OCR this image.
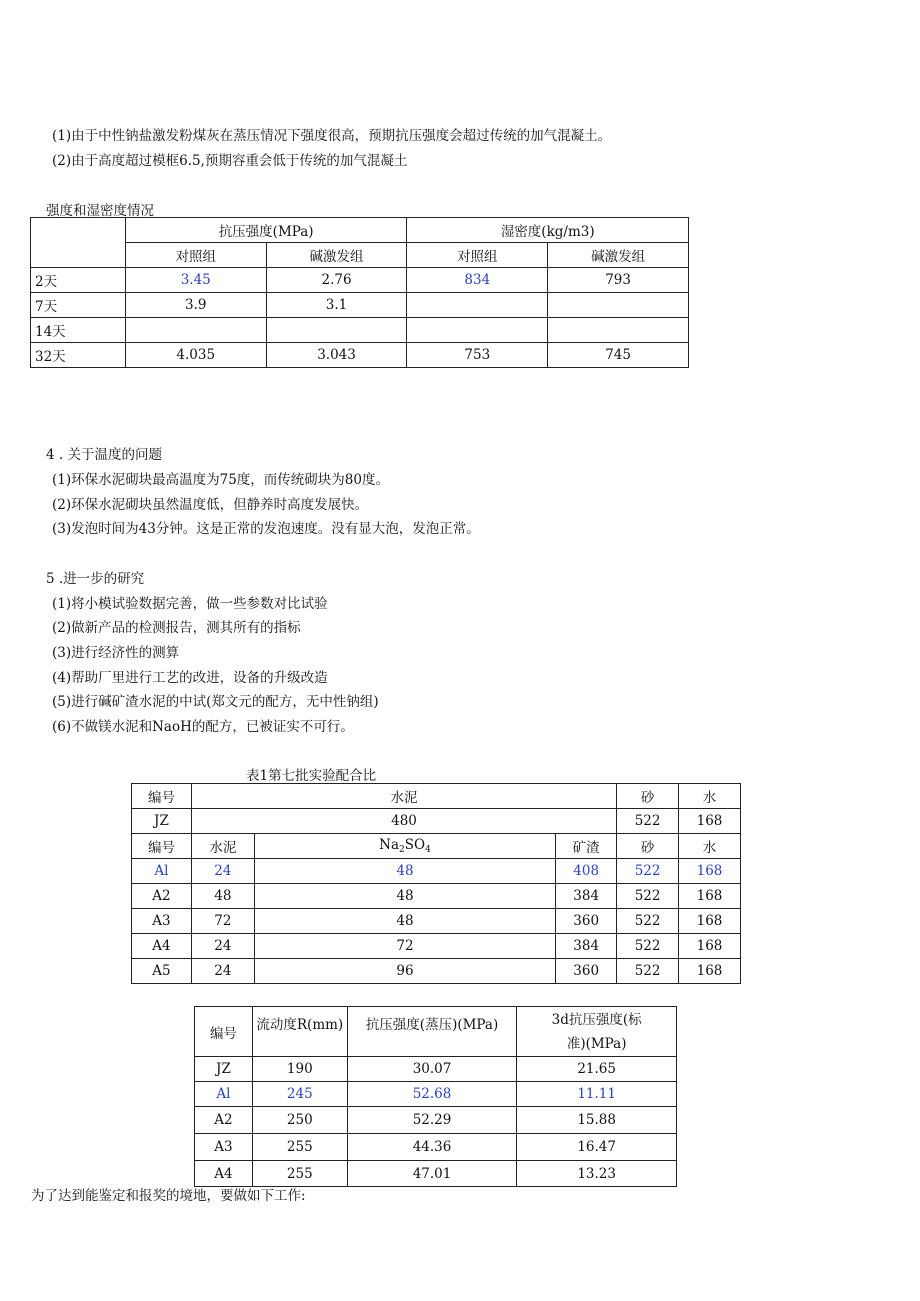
(1)由于中性钠盐激发粉煤灰在蒸压情况下强度很高，预期抗压强度会超过传统的加气混凝土。
(2)由于高度超过模框6.5,预期容重会低于传统的加气混凝土
强度和湿密度情况
	抗压强度(MPa)		湿密度(kg/m3)	
	对照组	碱激发组	对照组	碱激发组
2天	3.45	2.76	834	793
7天	3.9	3.1		
14天				
32天	4.035	3.043	753	745
4 . 关于温度的问题
(1)环保水泥砌块最高温度为75度，而传统砌块为80度。
(2)环保水泥砌块虽然温度低，但静养时高度发展快。
(3)发泡时间为43分钟。这是正常的发泡速度。没有显大泡，发泡正常。
5 .进一步的研究
(1)将小模试验数据完善，做一些参数对比试验
(2)做新产品的检测报告，测其所有的指标
(3)进行经济性的测算
(4)帮助厂里进行工艺的改进，设备的升级改造
(5)进行碱矿渣水泥的中试(郑文元的配方，无中性钠组)
(6)不做镁水泥和NaoH的配方，已被证实不可行。
表1第七批实验配合比
编号	水泥			砂	水
JZ	480			522	168
编号	水泥	$Na_2SO_4$	矿渣	砂	水
Al	24	48	408	522	168
A2	48	48	384	522	168
A3	72	48	360	522	168
A4	24	72	384	522	168
A5	24	96	360	522	168
编号	流动度R(mm)	抗压强度(蒸压)(MPa)	3d抗压强度(标
准)(MPa)

JZ	190	30.07	21.65
Al	245	52.68	11.11
A2	250	52.29	15.88
A3	255	44.36	16.47
A4	255	47.01	13.23
为了达到能鉴定和报奖的境地，要做如下工作:
